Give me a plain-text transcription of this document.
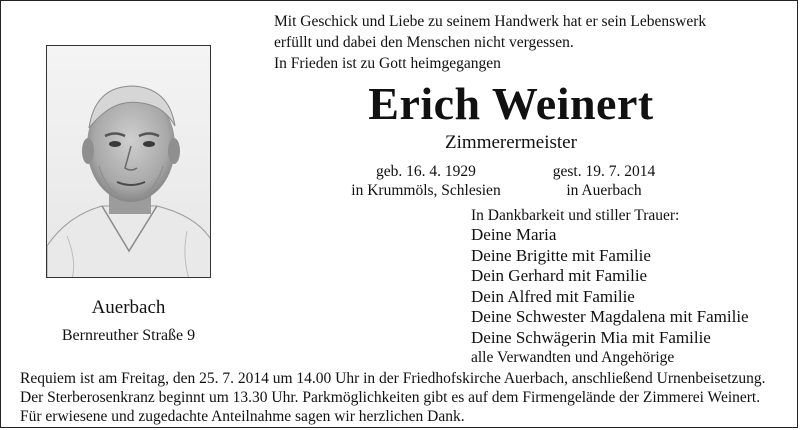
Mit Geschick und Liebe zu seinem Handwerk hat er sein Lebenswerk
erfüllt und dabei den Menschen nicht vergessen.
In Frieden ist zu Gott heimgegangen
Erich Weinert
Zimmerermeister
geb. 16. 4. 1929
in Krummöls, Schlesien
gest. 19. 7. 2014
in Auerbach
In Dankbarkeit und stiller Trauer:
Deine Maria
Deine Brigitte mit Familie
Dein Gerhard mit Familie
Dein Alfred mit Familie
Deine Schwester Magdalena mit Familie
Deine Schwägerin Mia mit Familie
alle Verwandten und Angehörige
Auerbach
Bernreuther Straße 9
Requiem ist am Freitag, den 25. 7. 2014 um 14.00 Uhr in der Friedhofskirche Auerbach, anschließend Urnenbeisetzung.
Der Sterberosenkranz beginnt um 13.30 Uhr. Parkmöglichkeiten gibt es auf dem Firmengelände der Zimmerei Weinert.
Für erwiesene und zugedachte Anteilnahme sagen wir herzlichen Dank.
